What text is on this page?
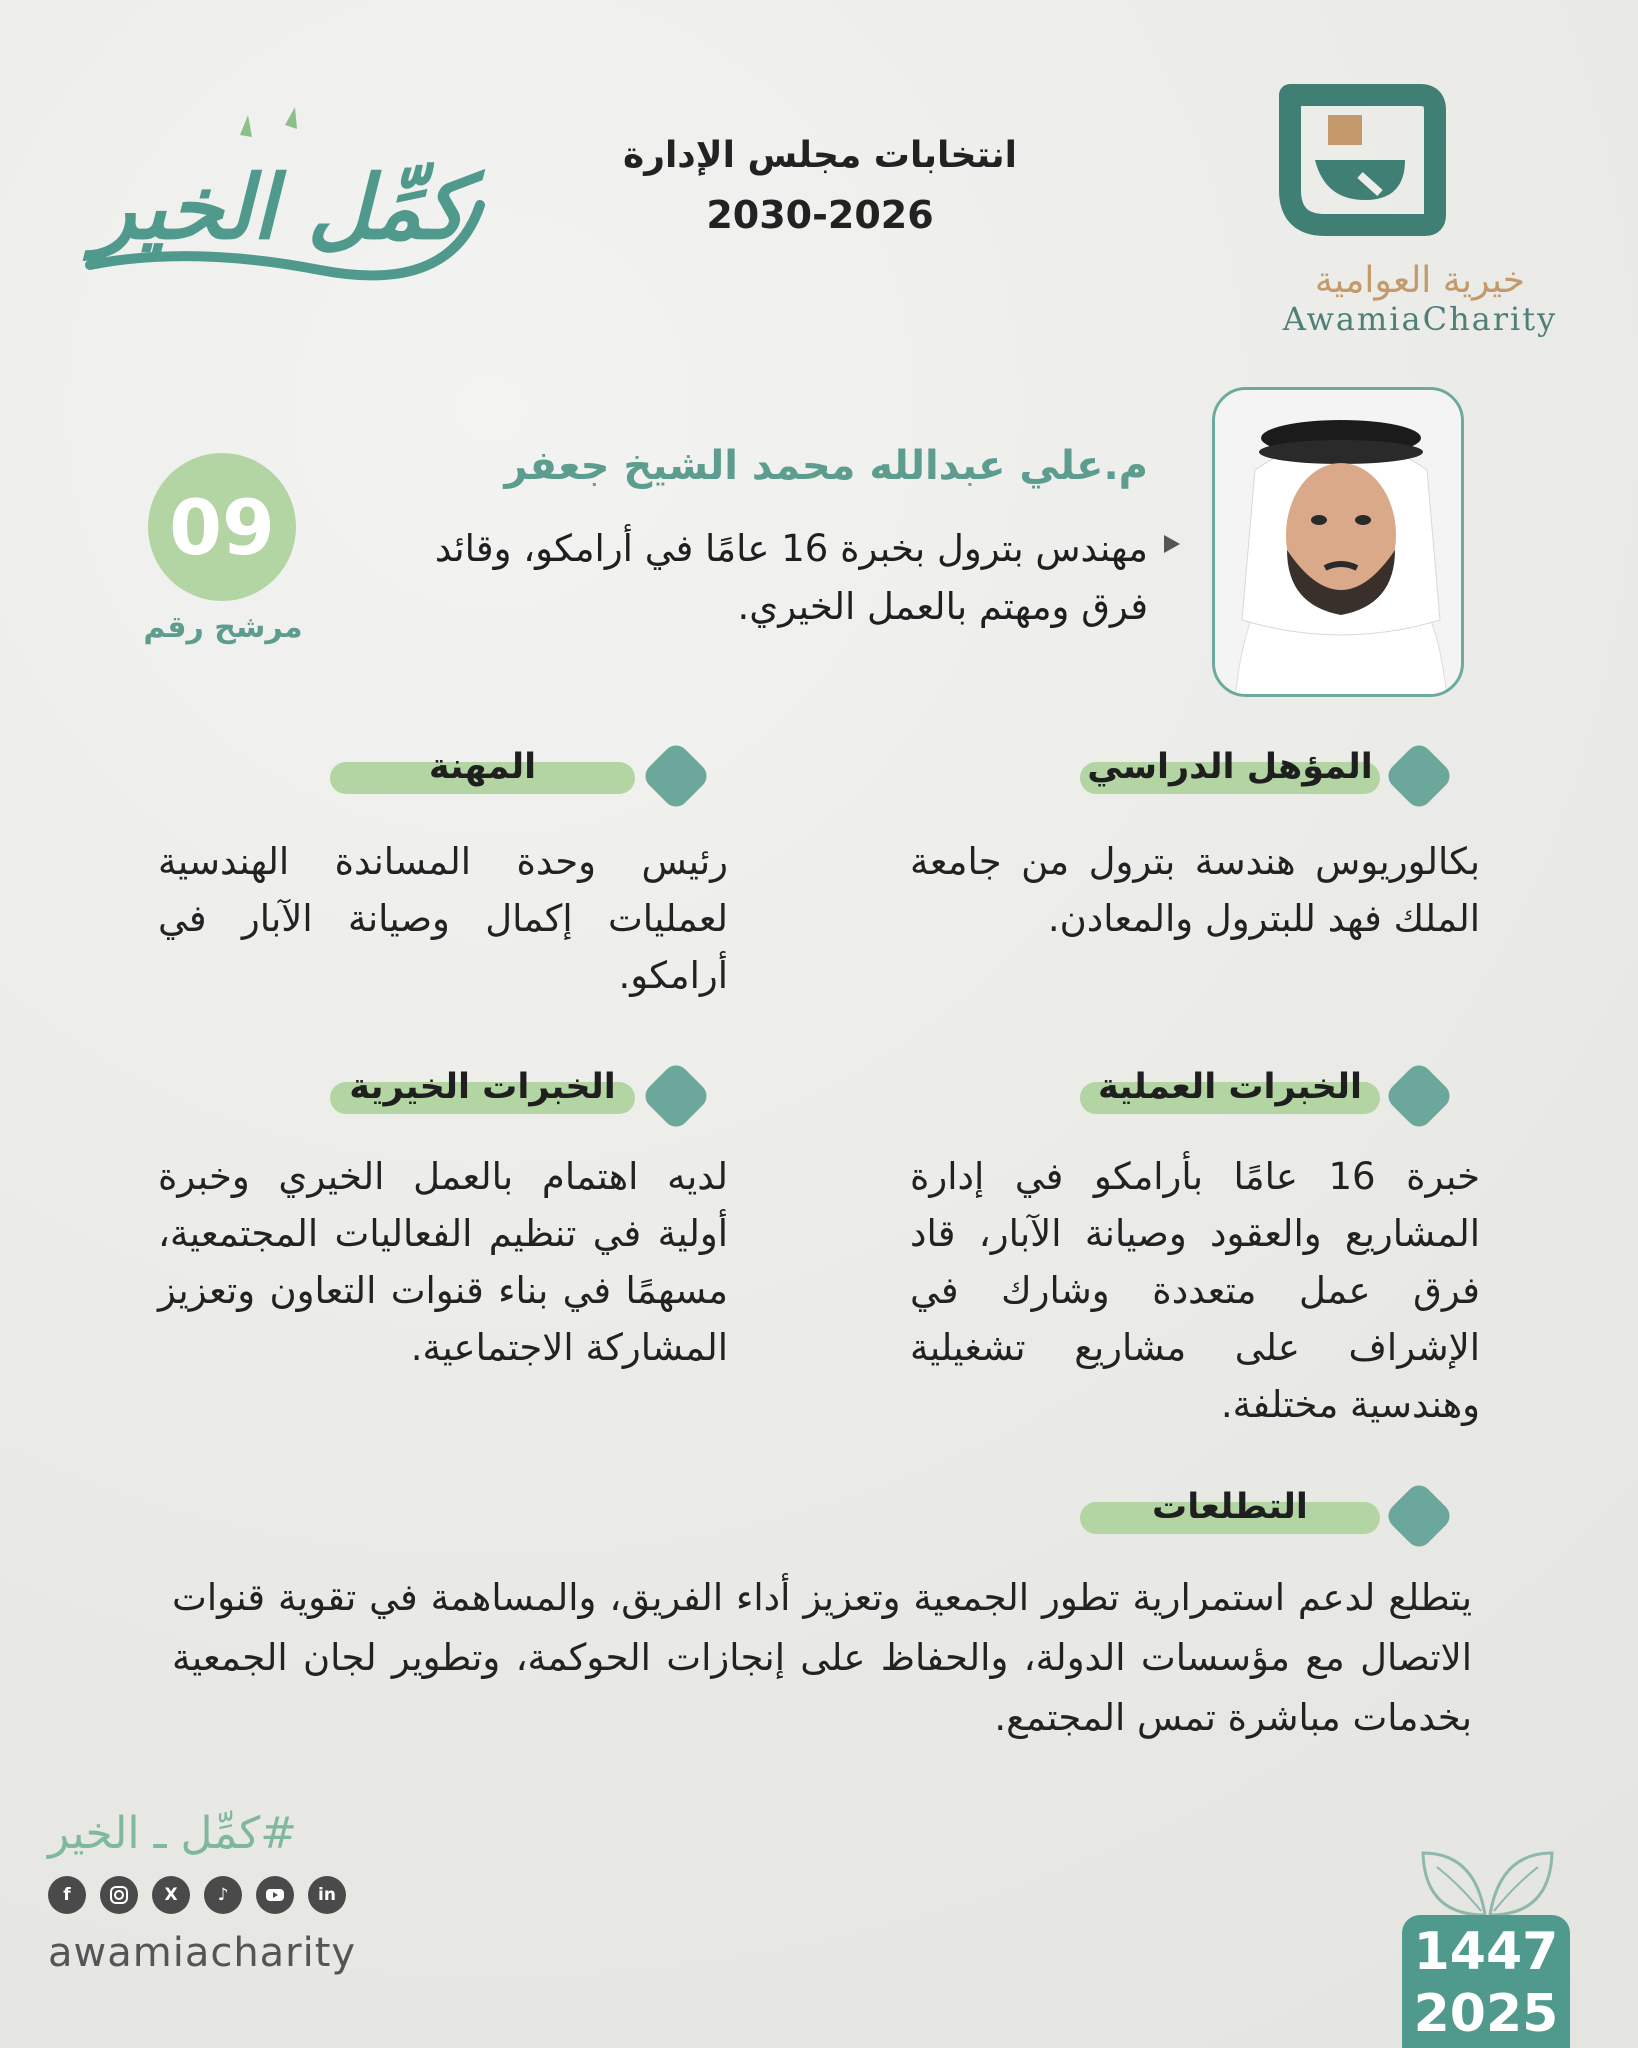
كمِّل الخير	انتخابات مجلس الإدارة
2030-2026
خيرية العوامية
AwamiaCharity
م.علي عبدالله محمد الشيخ جعفر
مهندس بترول بخبرة 16 عامًا في أرامكو، وقائد فرق ومهتم بالعمل الخيري.
09
مرشح رقم
المؤهل الدراسي
بكالوريوس هندسة بترول من جامعة الملك فهد للبترول والمعادن.
المهنة
رئيس وحدة المساندة الهندسية لعمليات إكمال وصيانة الآبار في أرامكو.
الخبرات العملية
خبرة 16 عامًا بأرامكو في إدارة المشاريع والعقود وصيانة الآبار، قاد فرق عمل متعددة وشارك في الإشراف على مشاريع تشغيلية وهندسية مختلفة.
الخبرات الخيرية
لديه اهتمام بالعمل الخيري وخبرة أولية في تنظيم الفعاليات المجتمعية، مسهمًا في بناء قنوات التعاون وتعزيز المشاركة الاجتماعية.
التطلعات
يتطلع لدعم استمرارية تطور الجمعية وتعزيز أداء الفريق، والمساهمة في تقوية قنوات الاتصال مع مؤسسات الدولة، والحفاظ على إنجازات الحوكمة، وتطوير لجان الجمعية بخدمات مباشرة تمس المجتمع.
#كمِّل ـ الخير
f	X	♪	in
awamiacharity	1447
2025
